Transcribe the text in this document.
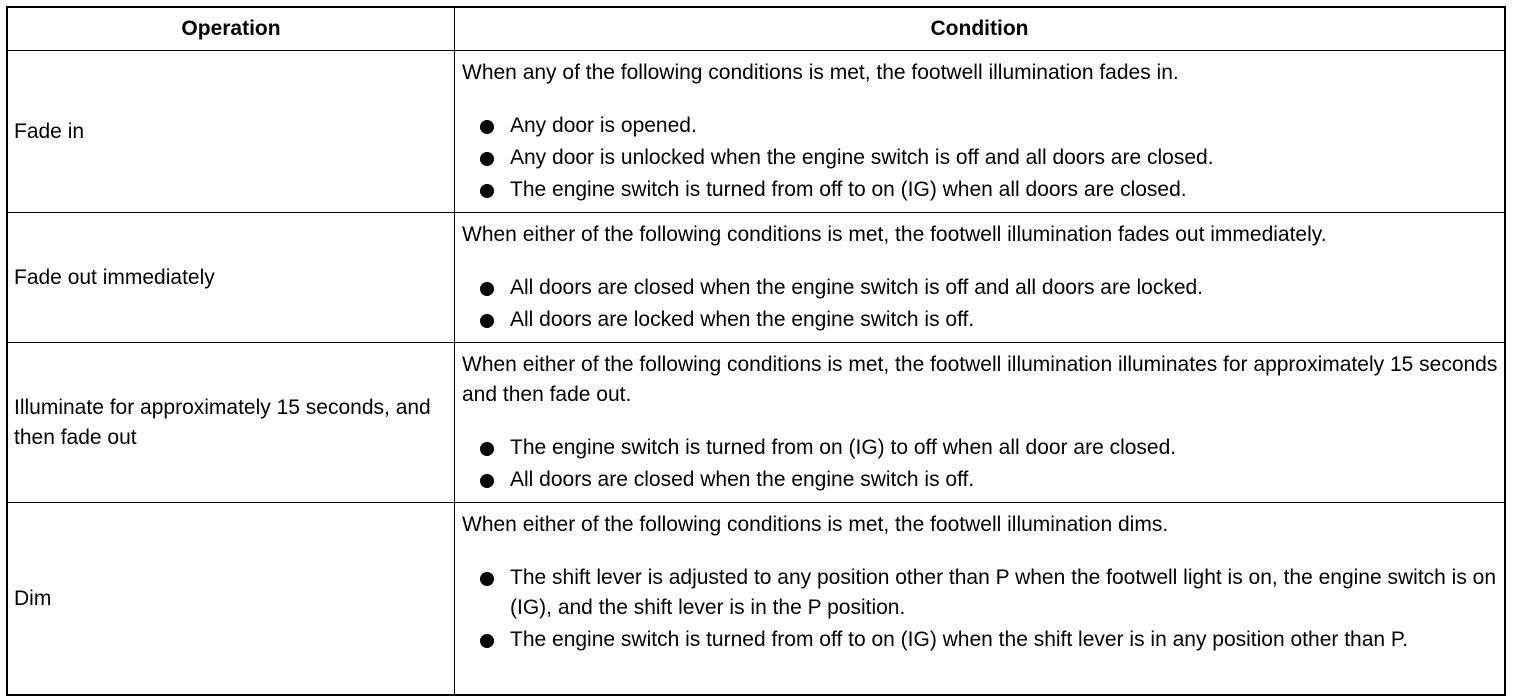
Operation	Condition
Fade in
When any of the following conditions is met, the footwell illumination fades in.
Any door is opened.
Any door is unlocked when the engine switch is off and all doors are closed.
The engine switch is turned from off to on (IG) when all doors are closed.
Fade out immediately
When either of the following conditions is met, the footwell illumination fades out immediately.
All doors are closed when the engine switch is off and all doors are locked.
All doors are locked when the engine switch is off.
Illuminate for approximately 15 seconds, and then fade out
When either of the following conditions is met, the footwell illumination illuminates for approximately 15 seconds and then fade out.
The engine switch is turned from on (IG) to off when all door are closed.
All doors are closed when the engine switch is off.
Dim
When either of the following conditions is met, the footwell illumination dims.
The shift lever is adjusted to any position other than P when the footwell light is on, the engine switch is on (IG), and the shift lever is in the P position.
The engine switch is turned from off to on (IG) when the shift lever is in any position other than P.
